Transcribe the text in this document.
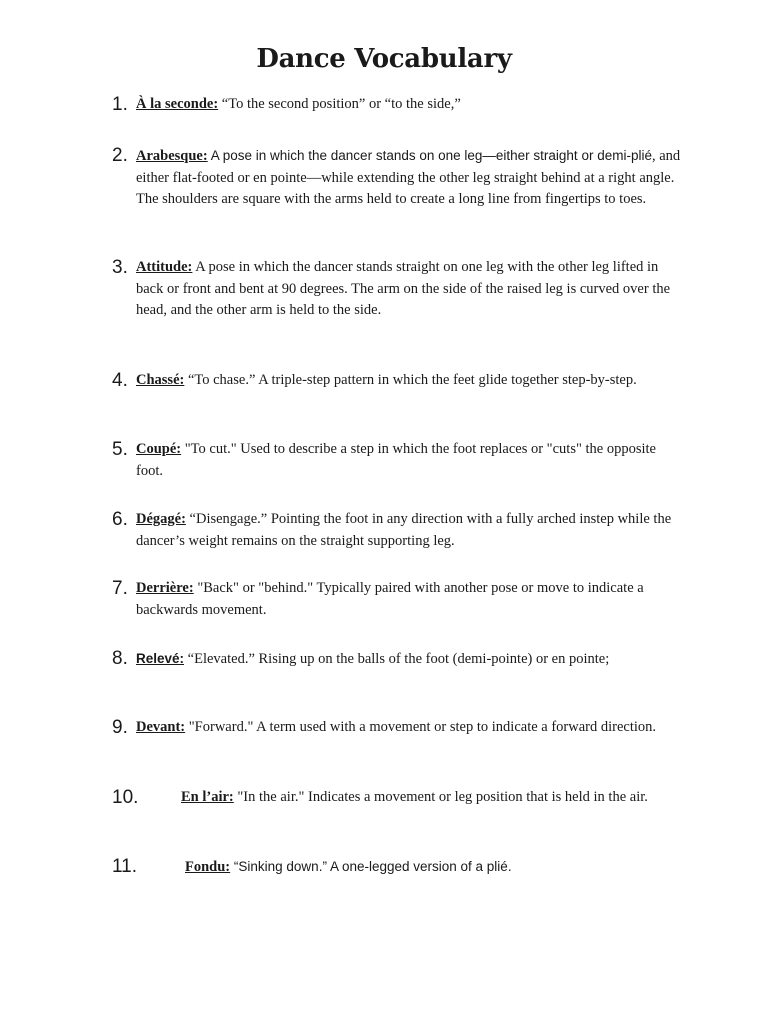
Dance Vocabulary
1. À la seconde: “To the second position” or “to the side,”
2. Arabesque: A pose in which the dancer stands on one leg—either straight or demi-plié, and either flat-footed or en pointe—while extending the other leg straight behind at a right angle. The shoulders are square with the arms held to create a long line from fingertips to toes.
3. Attitude: A pose in which the dancer stands straight on one leg with the other leg lifted in back or front and bent at 90 degrees. The arm on the side of the raised leg is curved over the head, and the other arm is held to the side.
4. Chassé: “To chase.” A triple-step pattern in which the feet glide together step-by-step.
5. Coupé: "To cut." Used to describe a step in which the foot replaces or "cuts" the opposite foot.
6. Dégagé: “Disengage.” Pointing the foot in any direction with a fully arched instep while the dancer’s weight remains on the straight supporting leg.
7. Derrière: "Back" or "behind." Typically paired with another pose or move to indicate a backwards movement.
8. Relevé: “Elevated.” Rising up on the balls of the foot (demi-pointe) or en pointe;
9. Devant: "Forward." A term used with a movement or step to indicate a forward direction.
10.	En l’air: "In the air." Indicates a movement or leg position that is held in the air.
11.	Fondu: “Sinking down.” A one-legged version of a plié.
